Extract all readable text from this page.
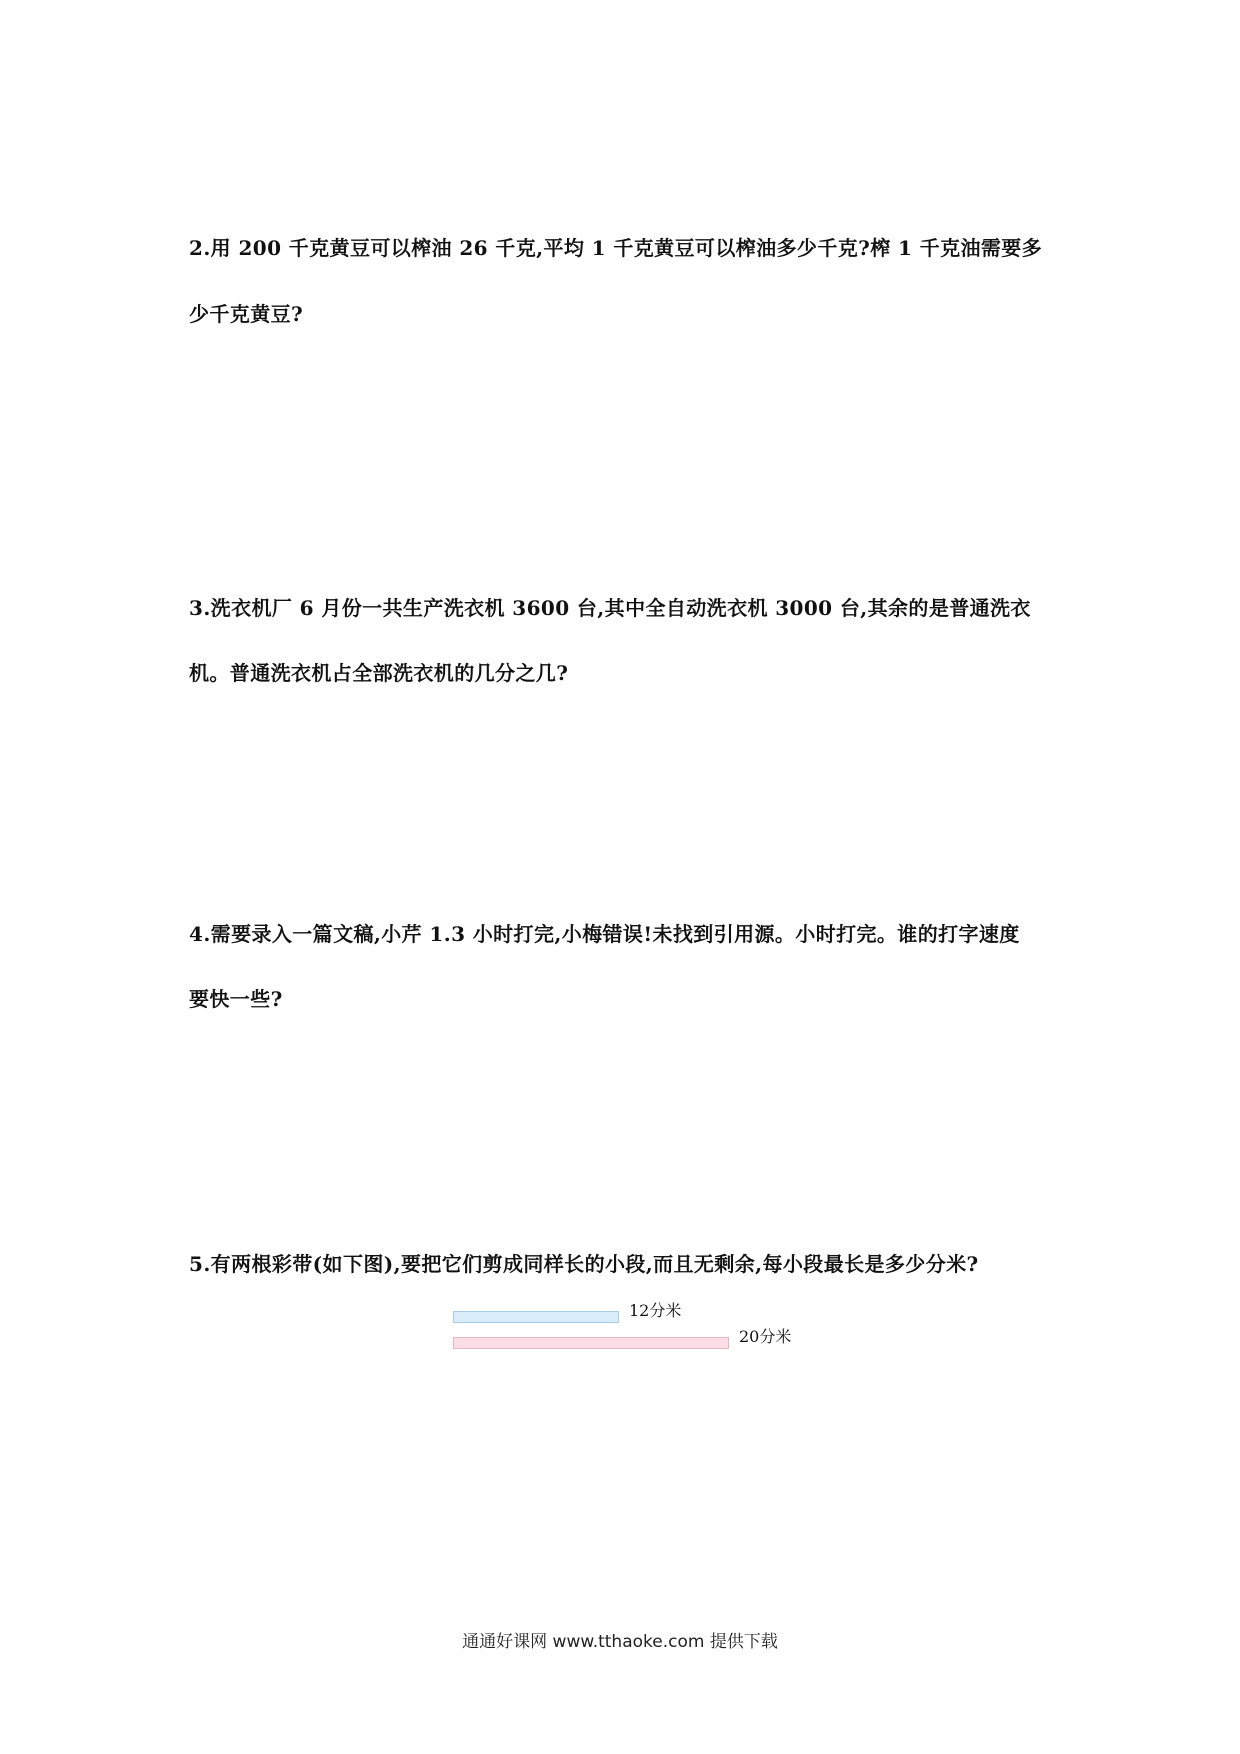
2.用 200 千克黄豆可以榨油 26 千克,平均 1 千克黄豆可以榨油多少千克?榨 1 千克油需要多
少千克黄豆?
3.洗衣机厂 6 月份一共生产洗衣机 3600 台,其中全自动洗衣机 3000 台,其余的是普通洗衣
机。普通洗衣机占全部洗衣机的几分之几?
4.需要录入一篇文稿,小芹 1.3 小时打完,小梅错误!未找到引用源。小时打完。谁的打字速度
要快一些?
5.有两根彩带(如下图),要把它们剪成同样长的小段,而且无剩余,每小段最长是多少分米?
12分米
20分米
通通好课网 www.tthaoke.com 提供下载
